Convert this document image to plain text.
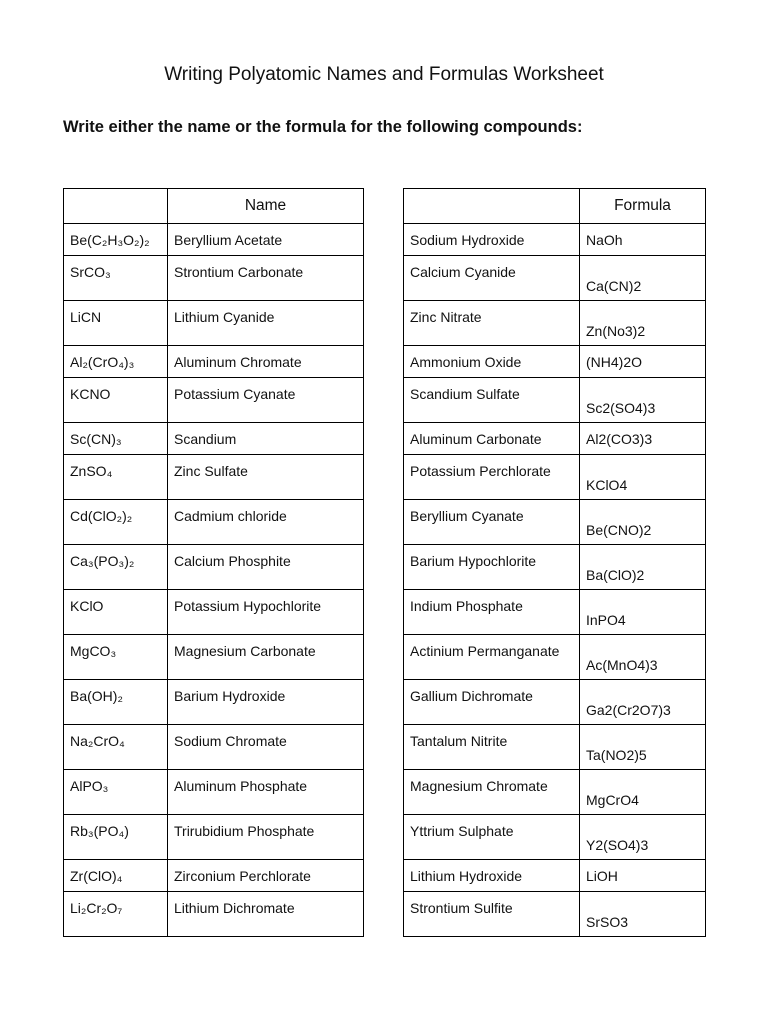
Writing Polyatomic Names and Formulas Worksheet
Write either the name or the formula for the following compounds:
	Name
Be(C₂H₃O₂)₂	Beryllium Acetate
SrCO₃	Strontium Carbonate
LiCN	Lithium Cyanide
Al₂(CrO₄)₃	Aluminum Chromate
KCNO	Potassium Cyanate
Sc(CN)₃	Scandium
ZnSO₄	Zinc Sulfate
Cd(ClO₂)₂	Cadmium chloride
Ca₃(PO₃)₂	Calcium Phosphite
KClO	Potassium Hypochlorite
MgCO₃	Magnesium Carbonate
Ba(OH)₂	Barium Hydroxide
Na₂CrO₄	Sodium Chromate
AlPO₃	Aluminum Phosphate
Rb₃(PO₄)	Trirubidium Phosphate
Zr(ClO)₄	Zirconium Perchlorate
Li₂Cr₂O₇	Lithium Dichromate
	Formula
Sodium Hydroxide	NaOh
Calcium Cyanide	Ca(CN)2
Zinc Nitrate	Zn(No3)2
Ammonium Oxide	(NH4)2O
Scandium Sulfate	Sc2(SO4)3
Aluminum Carbonate	Al2(CO3)3
Potassium Perchlorate	KClO4
Beryllium Cyanate	Be(CNO)2
Barium Hypochlorite	Ba(ClO)2
Indium Phosphate	InPO4
Actinium Permanganate	Ac(MnO4)3
Gallium Dichromate	Ga2(Cr2O7)3
Tantalum Nitrite	Ta(NO2)5
Magnesium Chromate	MgCrO4
Yttrium Sulphate	Y2(SO4)3
Lithium Hydroxide	LiOH
Strontium Sulfite	SrSO3
